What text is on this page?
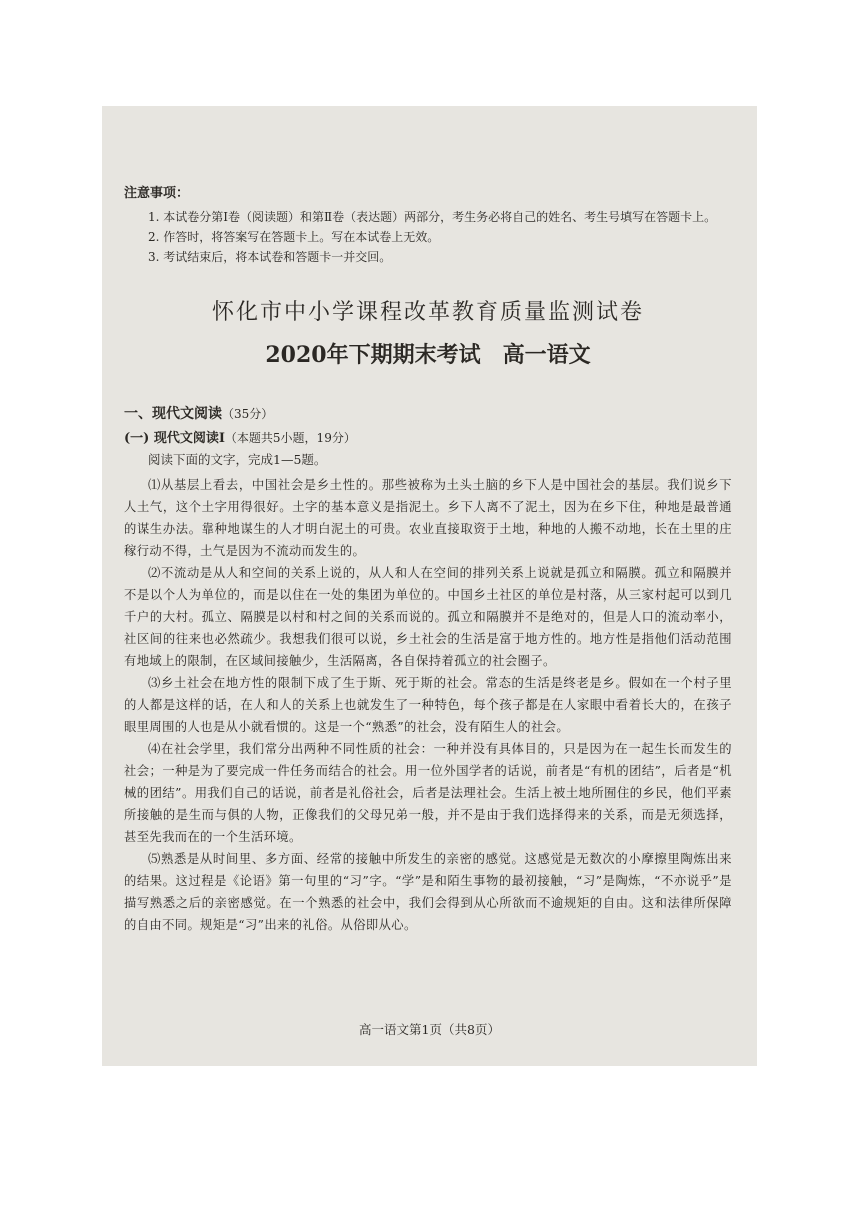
注意事项：

1. 本试卷分第Ⅰ卷（阅读题）和第Ⅱ卷（表达题）两部分，考生务必将自己的姓名、考生号填写在答题卡上。

2. 作答时，将答案写在答题卡上。写在本试卷上无效。

3. 考试结束后，将本试卷和答题卡一并交回。

怀化市中小学课程改革教育质量监测试卷

2020年下期期末考试 高一语文

一、现代文阅读（35分）

(一) 现代文阅读Ⅰ（本题共5小题，19分）

阅读下面的文字，完成1—5题。

⑴从基层上看去，中国社会是乡土性的。那些被称为土头土脑的乡下人是中国社会的基层。我们说乡下人土气，这个土字用得很好。土字的基本意义是指泥土。乡下人离不了泥土，因为在乡下住，种地是最普通的谋生办法。靠种地谋生的人才明白泥土的可贵。农业直接取资于土地，种地的人搬不动地，长在土里的庄稼行动不得，土气是因为不流动而发生的。

⑵不流动是从人和空间的关系上说的，从人和人在空间的排列关系上说就是孤立和隔膜。孤立和隔膜并不是以个人为单位的，而是以住在一处的集团为单位的。中国乡土社区的单位是村落，从三家村起可以到几千户的大村。孤立、隔膜是以村和村之间的关系而说的。孤立和隔膜并不是绝对的，但是人口的流动率小，社区间的往来也必然疏少。我想我们很可以说，乡土社会的生活是富于地方性的。地方性是指他们活动范围有地域上的限制，在区域间接触少，生活隔离，各自保持着孤立的社会圈子。

⑶乡土社会在地方性的限制下成了生于斯、死于斯的社会。常态的生活是终老是乡。假如在一个村子里的人都是这样的话，在人和人的关系上也就发生了一种特色，每个孩子都是在人家眼中看着长大的，在孩子眼里周围的人也是从小就看惯的。这是一个“熟悉”的社会，没有陌生人的社会。

⑷在社会学里，我们常分出两种不同性质的社会：一种并没有具体目的，只是因为在一起生长而发生的社会；一种是为了要完成一件任务而结合的社会。用一位外国学者的话说，前者是“有机的团结”，后者是“机械的团结”。用我们自己的话说，前者是礼俗社会，后者是法理社会。生活上被土地所囿住的乡民，他们平素所接触的是生而与俱的人物，正像我们的父母兄弟一般，并不是由于我们选择得来的关系，而是无须选择，甚至先我而在的一个生活环境。

⑸熟悉是从时间里、多方面、经常的接触中所发生的亲密的感觉。这感觉是无数次的小摩擦里陶炼出来的结果。这过程是《论语》第一句里的“习”字。“学”是和陌生事物的最初接触，“习”是陶炼，“不亦说乎”是描写熟悉之后的亲密感觉。在一个熟悉的社会中，我们会得到从心所欲而不逾规矩的自由。这和法律所保障的自由不同。规矩是“习”出来的礼俗。从俗即从心。

高一语文第1页（共8页）
